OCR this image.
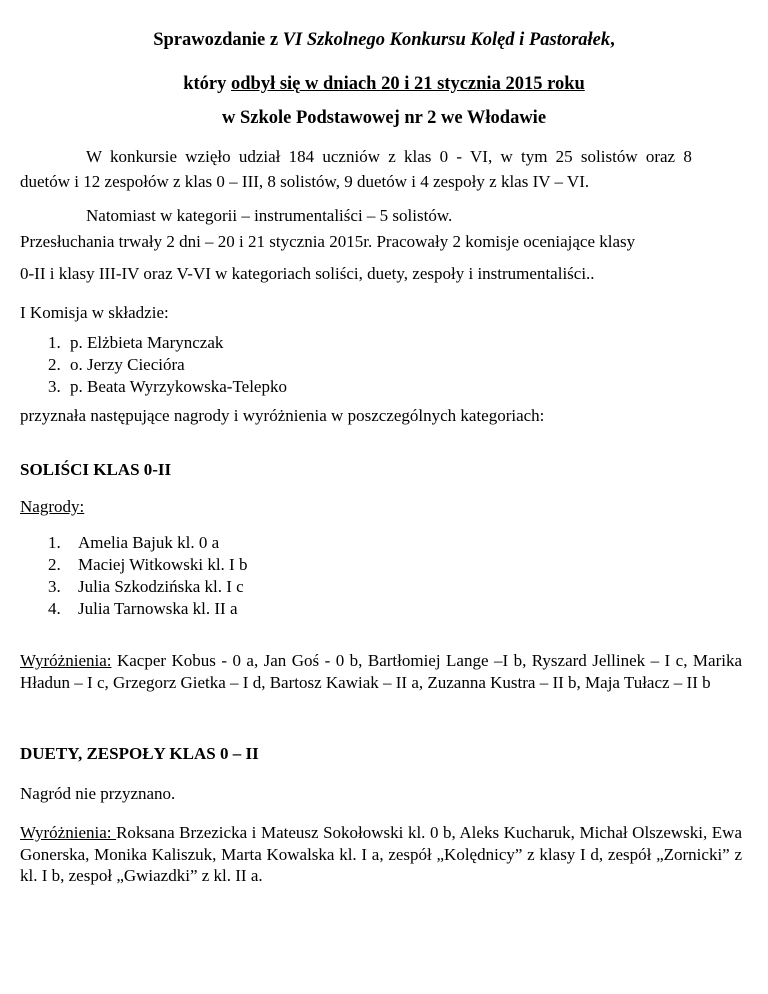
Sprawozdanie z VI Szkolnego Konkursu Kolęd i Pastorałek,
który odbył się w dniach 20 i 21 stycznia 2015 roku
w Szkole Podstawowej nr 2 we Włodawie
W konkursie wzięło udział 184 uczniów z klas 0 - VI, w tym 25 solistów oraz 8
duetów i 12 zespołów z klas 0 – III, 8 solistów, 9 duetów i 4 zespoły z klas IV – VI.
Natomiast w kategorii – instrumentaliści – 5 solistów.
Przesłuchania trwały 2 dni – 20 i 21 stycznia 2015r. Pracowały 2 komisje oceniające klasy
0-II i klasy III-IV oraz V-VI w kategoriach soliści, duety, zespoły i instrumentaliści..
I Komisja w składzie:
1. p. Elżbieta Marynczak
2. o. Jerzy Ciecióra
3. p. Beata Wyrzykowska-Telepko
przyznała następujące nagrody i wyróżnienia w poszczególnych kategoriach:
SOLIŚCI KLAS 0-II
Nagrody:
1. Amelia Bajuk kl. 0 a
2. Maciej Witkowski kl. I b
3. Julia Szkodzińska kl. I c
4. Julia Tarnowska kl. II a
Wyróżnienia: Kacper Kobus - 0 a, Jan Goś - 0 b, Bartłomiej Lange –I b, Ryszard Jellinek – I c, Marika Hładun – I c, Grzegorz Gietka – I d, Bartosz Kawiak – II a, Zuzanna Kustra – II b, Maja Tułacz – II b
DUETY, ZESPOŁY KLAS 0 – II
Nagród nie przyznano.
Wyróżnienia: Roksana Brzezicka i Mateusz Sokołowski kl. 0 b, Aleks Kucharuk, Michał Olszewski, Ewa Gonerska, Monika Kaliszuk, Marta Kowalska kl. I a, zespół „Kolędnicy” z klasy I d, zespół „Zornicki” z kl. I b, zespoł „Gwiazdki” z kl. II a.
